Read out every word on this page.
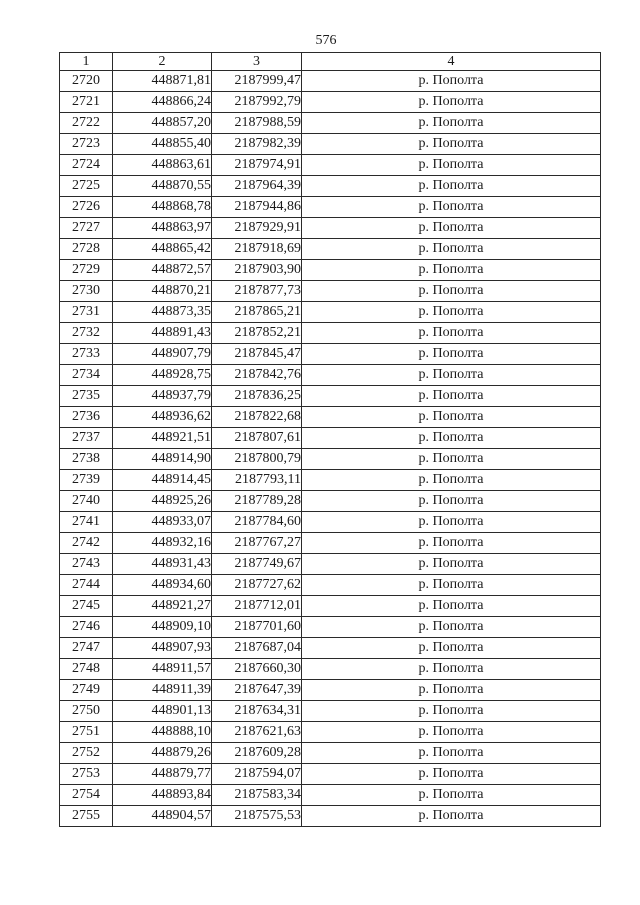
576
1	2	3	4
2720	448871,81	2187999,47	р. Пополта
2721	448866,24	2187992,79	р. Пополта
2722	448857,20	2187988,59	р. Пополта
2723	448855,40	2187982,39	р. Пополта
2724	448863,61	2187974,91	р. Пополта
2725	448870,55	2187964,39	р. Пополта
2726	448868,78	2187944,86	р. Пополта
2727	448863,97	2187929,91	р. Пополта
2728	448865,42	2187918,69	р. Пополта
2729	448872,57	2187903,90	р. Пополта
2730	448870,21	2187877,73	р. Пополта
2731	448873,35	2187865,21	р. Пополта
2732	448891,43	2187852,21	р. Пополта
2733	448907,79	2187845,47	р. Пополта
2734	448928,75	2187842,76	р. Пополта
2735	448937,79	2187836,25	р. Пополта
2736	448936,62	2187822,68	р. Пополта
2737	448921,51	2187807,61	р. Пополта
2738	448914,90	2187800,79	р. Пополта
2739	448914,45	2187793,11	р. Пополта
2740	448925,26	2187789,28	р. Пополта
2741	448933,07	2187784,60	р. Пополта
2742	448932,16	2187767,27	р. Пополта
2743	448931,43	2187749,67	р. Пополта
2744	448934,60	2187727,62	р. Пополта
2745	448921,27	2187712,01	р. Пополта
2746	448909,10	2187701,60	р. Пополта
2747	448907,93	2187687,04	р. Пополта
2748	448911,57	2187660,30	р. Пополта
2749	448911,39	2187647,39	р. Пополта
2750	448901,13	2187634,31	р. Пополта
2751	448888,10	2187621,63	р. Пополта
2752	448879,26	2187609,28	р. Пополта
2753	448879,77	2187594,07	р. Пополта
2754	448893,84	2187583,34	р. Пополта
2755	448904,57	2187575,53	р. Пополта
